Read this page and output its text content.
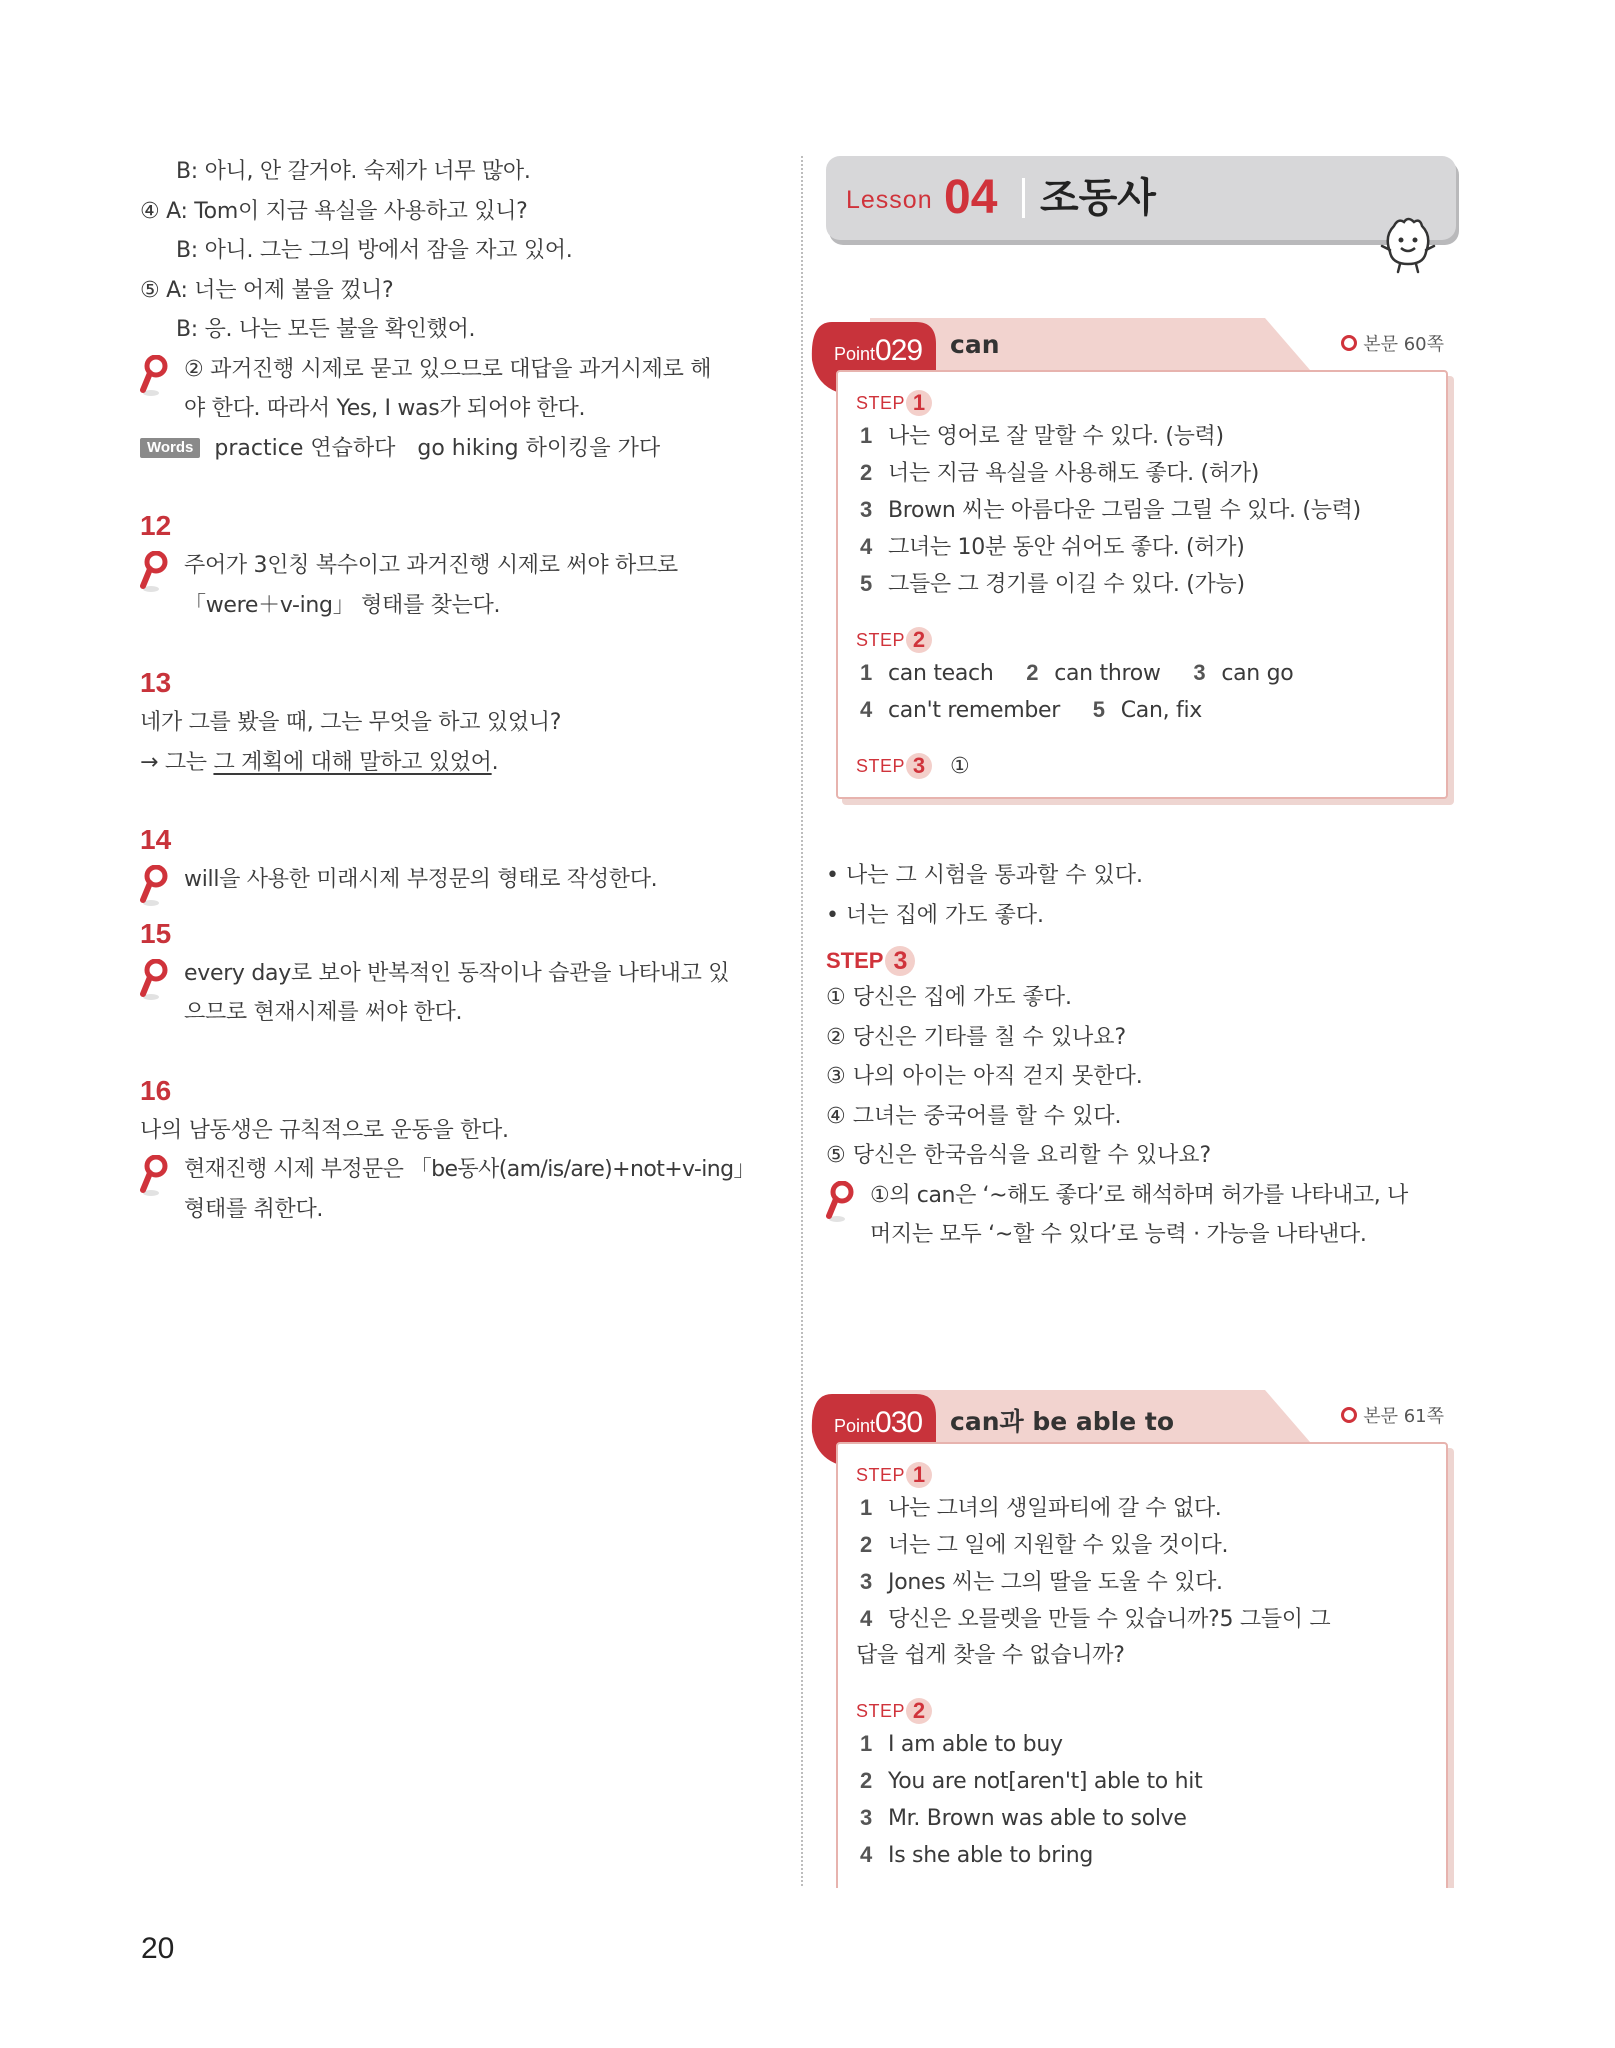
B: 아니, 안 갈거야. 숙제가 너무 많아.
④ A: Tom이 지금 욕실을 사용하고 있니?
B: 아니. 그는 그의 방에서 잠을 자고 있어.
⑤ A: 너는 어제 불을 껐니?
B: 응. 나는 모든 불을 확인했어.
② 과거진행 시제로 묻고 있으므로 대답을 과거시제로 해
야 한다. 따라서 Yes, I was가 되어야 한다.
Words practice 연습하다 go hiking 하이킹을 가다
12
주어가 3인칭 복수이고 과거진행 시제로 써야 하므로
「were＋v-ing」 형태를 찾는다.
13
네가 그를 봤을 때, 그는 무엇을 하고 있었니?
→ 그는 그 계획에 대해 말하고 있었어.
14
will을 사용한 미래시제 부정문의 형태로 작성한다.
15
every day로 보아 반복적인 동작이나 습관을 나타내고 있
으므로 현재시제를 써야 한다.
16
나의 남동생은 규칙적으로 운동을 한다.
현재진행 시제 부정문은 「be동사(am/is/are)+not+v-ing」
형태를 취한다.
Lesson 04 조동사
Point029 can	본문 60쪽
STEP 1
1 나는 영어로 잘 말할 수 있다. (능력)
2 너는 지금 욕실을 사용해도 좋다. (허가)
3 Brown 씨는 아름다운 그림을 그릴 수 있다. (능력)
4 그녀는 10분 동안 쉬어도 좋다. (허가)
5 그들은 그 경기를 이길 수 있다. (가능)
STEP 2
1 can teach 2 can throw 3 can go
4 can't remember 5 Can, fix
STEP 3	①
• 나는 그 시험을 통과할 수 있다.
• 너는 집에 가도 좋다.
STEP 3
① 당신은 집에 가도 좋다.
② 당신은 기타를 칠 수 있나요?
③ 나의 아이는 아직 걷지 못한다.
④ 그녀는 중국어를 할 수 있다.
⑤ 당신은 한국음식을 요리할 수 있나요?
①의 can은 ‘~해도 좋다’로 해석하며 허가를 나타내고, 나
머지는 모두 ‘~할 수 있다’로 능력 · 가능을 나타낸다.
Point030 can과 be able to	본문 61쪽
STEP 1
1 나는 그녀의 생일파티에 갈 수 없다.
2 너는 그 일에 지원할 수 있을 것이다.
3 Jones 씨는 그의 딸을 도울 수 있다.
4 당신은 오믈렛을 만들 수 있습니까?5 그들이 그
답을 쉽게 찾을 수 없습니까?
STEP 2
1 I am able to buy
2 You are not[aren't] able to hit
3 Mr. Brown was able to solve
4 Is she able to bring
20
